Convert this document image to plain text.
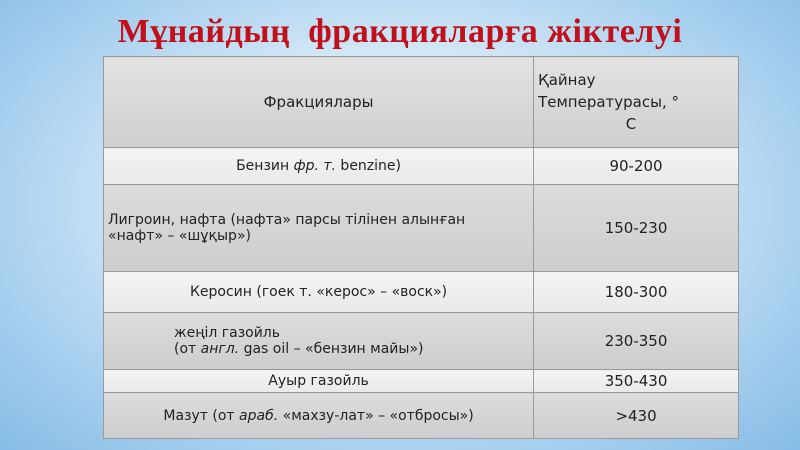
Мұнайдың  фракцияларға жіктелуі
Фракциялары	Қайнау
Температурасы, °
С

Бензин фр. т. benzine)	90-200

Лигроин, нафта (нафта» парсы тілінен алынған
«нафт» – «шұқыр»)	150-230
Керосин (гоек т. «керос» – «воск»)	180-300

жеңіл газойль
(от англ. gas oil – «бензин майы»)	230-350
Ауыр газойль	350-430
Мазут (от араб. «махзу-лат» – «отбросы»)	>430
